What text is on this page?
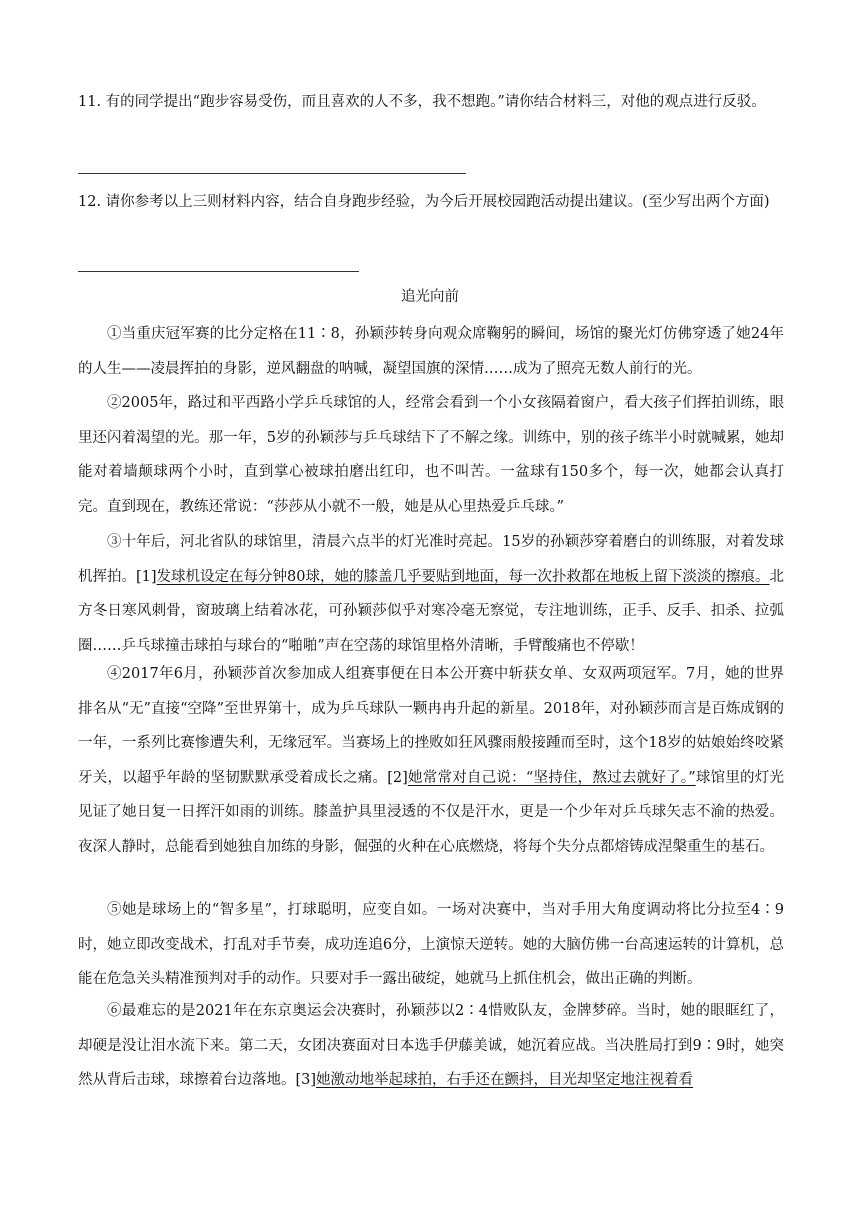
11. 有的同学提出“跑步容易受伤，而且喜欢的人不多，我不想跑。”请你结合材料三，对他的观点进行反驳。
12. 请你参考以上三则材料内容，结合自身跑步经验，为今后开展校园跑活动提出建议。(至少写出两个方面)
追光向前
①当重庆冠军赛的比分定格在11∶8，孙颖莎转身向观众席鞠躬的瞬间，场馆的聚光灯仿佛穿透了她24年的人生——凌晨挥拍的身影，逆风翻盘的呐喊，凝望国旗的深情……成为了照亮无数人前行的光。
②2005年，路过和平西路小学乒乓球馆的人，经常会看到一个小女孩隔着窗户，看大孩子们挥拍训练，眼里还闪着渴望的光。那一年，5岁的孙颖莎与乒乓球结下了不解之缘。训练中，别的孩子练半小时就喊累，她却能对着墙颠球两个小时，直到掌心被球拍磨出红印，也不叫苦。一盆球有150多个，每一次，她都会认真打完。直到现在，教练还常说：“莎莎从小就不一般，她是从心里热爱乒乓球。”
③十年后，河北省队的球馆里，清晨六点半的灯光准时亮起。15岁的孙颖莎穿着磨白的训练服，对着发球机挥拍。[1]发球机设定在每分钟80球，她的膝盖几乎要贴到地面，每一次扑救都在地板上留下淡淡的擦痕。北方冬日寒风刺骨，窗玻璃上结着冰花，可孙颖莎似乎对寒冷毫无察觉，专注地训练，正手、反手、扣杀、拉弧圈……乒乓球撞击球拍与球台的“啪啪”声在空荡的球馆里格外清晰，手臂酸痛也不停歇！
④2017年6月，孙颖莎首次参加成人组赛事便在日本公开赛中斩获女单、女双两项冠军。7月，她的世界排名从“无”直接“空降”至世界第十，成为乒乓球队一颗冉冉升起的新星。2018年，对孙颖莎而言是百炼成钢的一年，一系列比赛惨遭失利，无缘冠军。当赛场上的挫败如狂风骤雨般接踵而至时，这个18岁的姑娘始终咬紧牙关，以超乎年龄的坚韧默默承受着成长之痛。[2]她常常对自己说：“坚持住，熬过去就好了。”球馆里的灯光见证了她日复一日挥汗如雨的训练。膝盖护具里浸透的不仅是汗水，更是一个少年对乒乓球矢志不渝的热爱。夜深人静时，总能看到她独自加练的身影，倔强的火种在心底燃烧，将每个失分点都熔铸成涅槃重生的基石。
⑤她是球场上的“智多星”，打球聪明，应变自如。一场对决赛中，当对手用大角度调动将比分拉至4∶9时，她立即改变战术，打乱对手节奏，成功连追6分，上演惊天逆转。她的大脑仿佛一台高速运转的计算机，总能在危急关头精准预判对手的动作。只要对手一露出破绽，她就马上抓住机会，做出正确的判断。
⑥最难忘的是2021年在东京奥运会决赛时，孙颖莎以2∶4惜败队友，金牌梦碎。当时，她的眼眶红了，却硬是没让泪水流下来。第二天，女团决赛面对日本选手伊藤美诚，她沉着应战。当决胜局打到9∶9时，她突然从背后击球，球擦着台边落地。[3]她激动地举起球拍，右手还在颤抖，目光却坚定地注视着看
